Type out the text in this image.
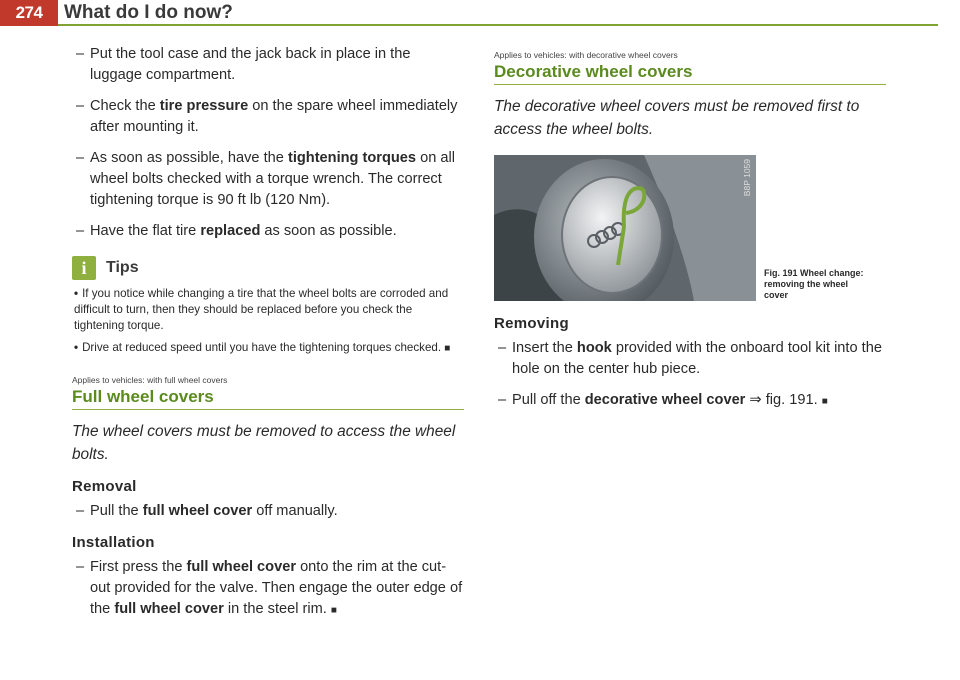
274	What do I do now?

– Put the tool case and the jack back in place in the luggage compartment.

– Check the tire pressure on the spare wheel immediately after mounting it.

– As soon as possible, have the tightening torques on all wheel bolts checked with a torque wrench. The correct tightening torque is 90 ft lb (120 Nm).

– Have the flat tire replaced as soon as possible.

i	Tips

• If you notice while changing a tire that the wheel bolts are corroded and difficult to turn, then they should be replaced before you check the tightening torque.

• Drive at reduced speed until you have the tightening torques checked. ■

Applies to vehicles: with full wheel covers

Full wheel covers

The wheel covers must be removed to access the wheel bolts.

Removal

– Pull the full wheel cover off manually.

Installation

– First press the full wheel cover onto the rim at the cut-out provided for the valve. Then engage the outer edge of the full wheel cover in the steel rim. ■

Applies to vehicles: with decorative wheel covers

Decorative wheel covers

The decorative wheel covers must be removed first to access the wheel bolts.

B8P 1059
Fig. 191 Wheel change: removing the wheel cover
Removing

– Insert the hook provided with the onboard tool kit into the hole on the center hub piece.

– Pull off the decorative wheel cover ⇒ fig. 191. ■
